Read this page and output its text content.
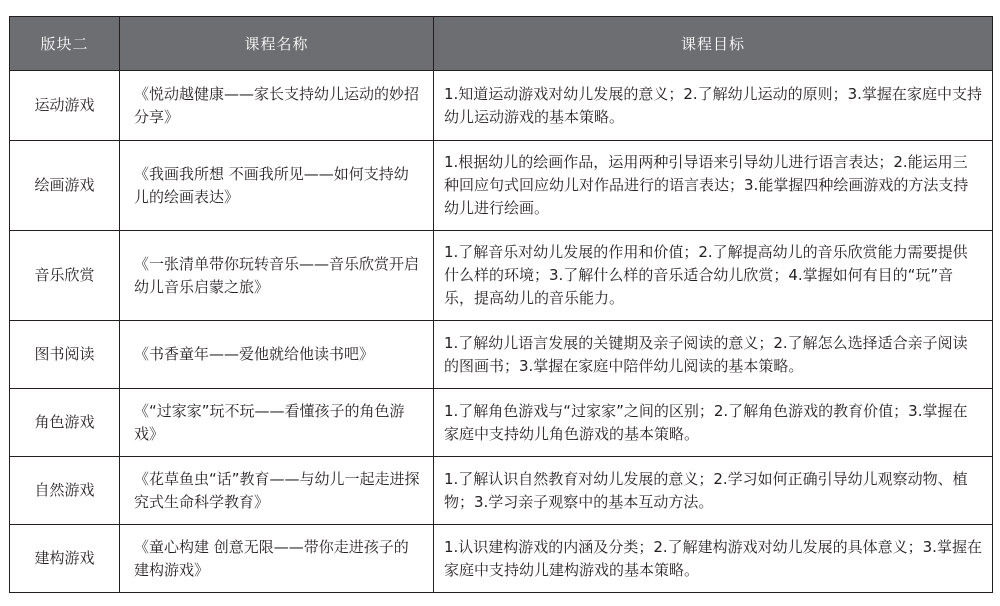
版块二	课程名称	课程目标
运动游戏	《悦动越健康——家长支持幼儿运动的妙招分享》	1.知道运动游戏对幼儿发展的意义；2.了解幼儿运动的原则；3.掌握在家庭中支持幼儿运动游戏的基本策略。
绘画游戏	《我画我所想 不画我所见——如何支持幼儿的绘画表达》	1.根据幼儿的绘画作品，运用两种引导语来引导幼儿进行语言表达；2.能运用三种回应句式回应幼儿对作品进行的语言表达；3.能掌握四种绘画游戏的方法支持幼儿进行绘画。
音乐欣赏	《一张清单带你玩转音乐——音乐欣赏开启幼儿音乐启蒙之旅》	1.了解音乐对幼儿发展的作用和价值；2.了解提高幼儿的音乐欣赏能力需要提供什么样的环境；3.了解什么样的音乐适合幼儿欣赏；4.掌握如何有目的“玩”音乐，提高幼儿的音乐能力。
图书阅读	《书香童年——爱他就给他读书吧》	1.了解幼儿语言发展的关键期及亲子阅读的意义；2.了解怎么选择适合亲子阅读的图画书；3.掌握在家庭中陪伴幼儿阅读的基本策略。
角色游戏	《“过家家”玩不玩——看懂孩子的角色游戏》	1.了解角色游戏与“过家家”之间的区别；2.了解角色游戏的教育价值；3.掌握在家庭中支持幼儿角色游戏的基本策略。
自然游戏	《花草鱼虫“话”教育——与幼儿一起走进探究式生命科学教育》	1.了解认识自然教育对幼儿发展的意义；2.学习如何正确引导幼儿观察动物、植物；3.学习亲子观察中的基本互动方法。
建构游戏	《童心构建 创意无限——带你走进孩子的建构游戏》	1.认识建构游戏的内涵及分类；2.了解建构游戏对幼儿发展的具体意义；3.掌握在家庭中支持幼儿建构游戏的基本策略。
